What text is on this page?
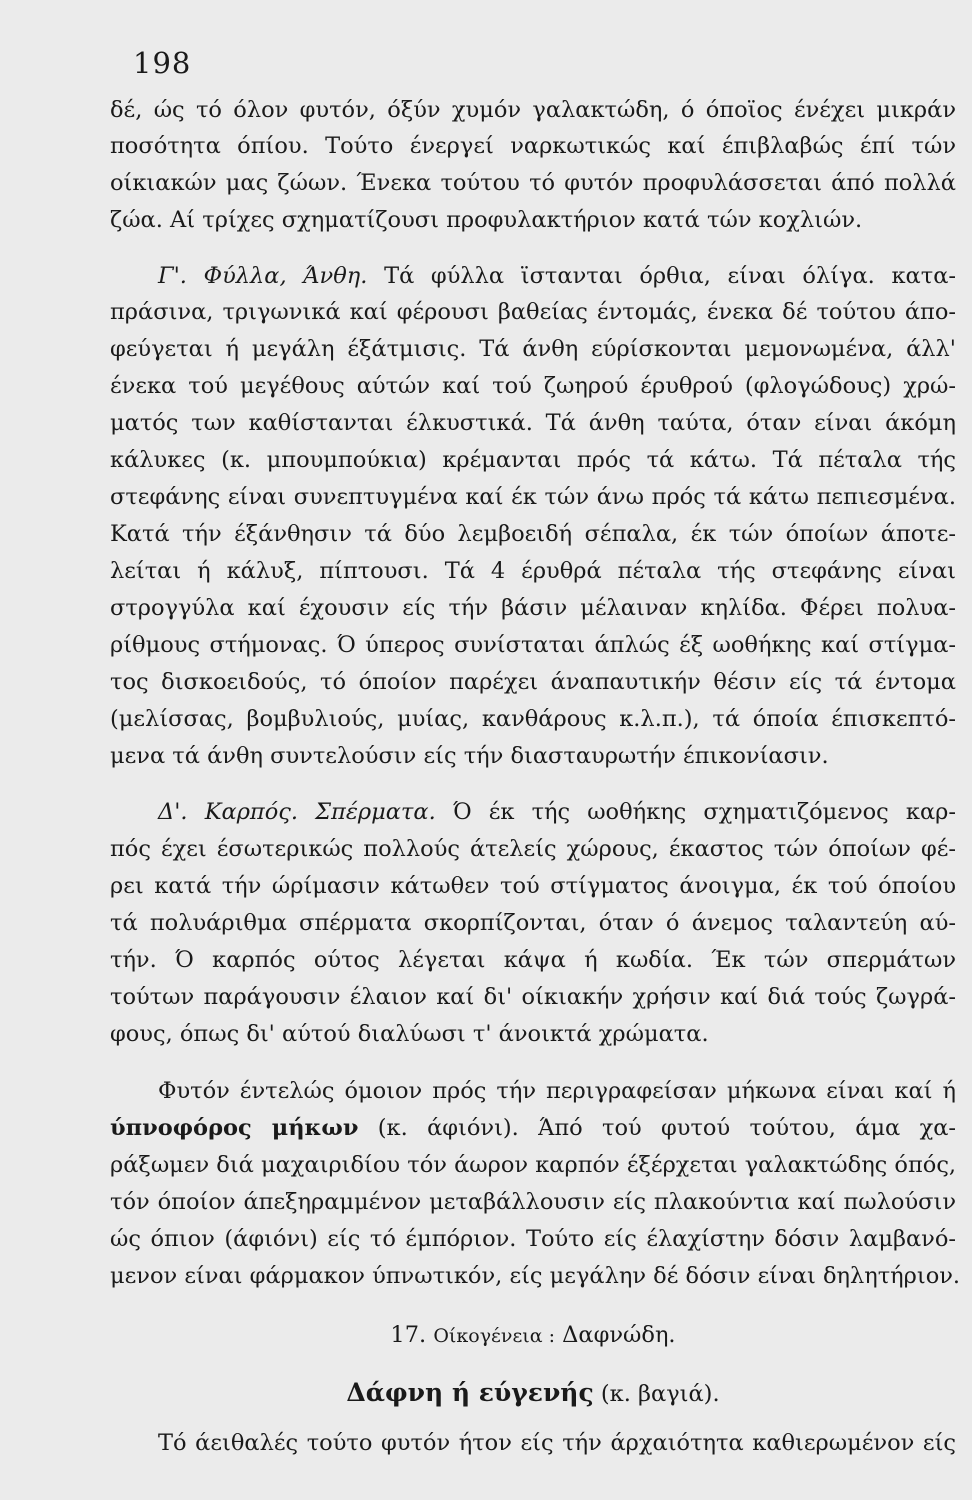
198
δέ, ώς τό όλον φυτόν, όξύν χυμόν γαλακτώδη, ό όποϊος ένέχει μικράν
ποσότητα όπίου. Τούτο ένεργεί ναρκωτικώς καί έπιβλαβώς έπί τών
οίκιακών μας ζώων. Ένεκα τούτου τό φυτόν προφυλάσσεται άπό πολλά
ζώα. Αί τρίχες σχηματίζουσι προφυλακτήριον κατά τών κοχλιών.
Γ'. Φύλλα, Άνθη. Τά φύλλα ϊστανται όρθια, είναι όλίγα. κατα-
πράσινα, τριγωνικά καί φέρουσι βαθείας έντομάς, ένεκα δέ τούτου άπο-
φεύγεται ή μεγάλη έξάτμισις. Τά άνθη εύρίσκονται μεμονωμένα, άλλ'
ένεκα τού μεγέθους αύτών καί τού ζωηρού έρυθρού (φλογώδους) χρώ-
ματός των καθίστανται έλκυστικά. Τά άνθη ταύτα, όταν είναι άκόμη
κάλυκες (κ. μπουμπούκια) κρέμανται πρός τά κάτω. Τά πέταλα τής
στεφάνης είναι συνεπτυγμένα καί έκ τών άνω πρός τά κάτω πεπιεσμένα.
Κατά τήν έξάνθησιν τά δύο λεμβοειδή σέπαλα, έκ τών όποίων άποτε-
λείται ή κάλυξ, πίπτουσι. Τά 4 έρυθρά πέταλα τής στεφάνης είναι
στρογγύλα καί έχουσιν είς τήν βάσιν μέλαιναν κηλίδα. Φέρει πολυα-
ρίθμους στήμονας. Ό ύπερος συνίσταται άπλώς έξ ωοθήκης καί στίγμα-
τος δισκοειδούς, τό όποίον παρέχει άναπαυτικήν θέσιν είς τά έντομα
(μελίσσας, βομβυλιούς, μυίας, κανθάρους κ.λ.π.), τά όποία έπισκεπτό-
μενα τά άνθη συντελούσιν είς τήν διασταυρωτήν έπικονίασιν.
Δ'. Καρπός. Σπέρματα. Ό έκ τής ωοθήκης σχηματιζόμενος καρ-
πός έχει έσωτερικώς πολλούς άτελείς χώρους, έκαστος τών όποίων φέ-
ρει κατά τήν ώρίμασιν κάτωθεν τού στίγματος άνοιγμα, έκ τού όποίου
τά πολυάριθμα σπέρματα σκορπίζονται, όταν ό άνεμος ταλαντεύη αύ-
τήν. Ό καρπός ούτος λέγεται κάψα ή κωδία. Έκ τών σπερμάτων
τούτων παράγουσιν έλαιον καί δι' οίκιακήν χρήσιν καί διά τούς ζωγρά-
φους, όπως δι' αύτού διαλύωσι τ' άνοικτά χρώματα.
Φυτόν έντελώς όμοιον πρός τήν περιγραφείσαν μήκωνα είναι καί ή
ύπνοφόρος μήκων (κ. άφιόνι). Άπό τού φυτού τούτου, άμα χα-
ράξωμεν διά μαχαιριδίου τόν άωρον καρπόν έξέρχεται γαλακτώδης όπός,
τόν όποίον άπεξηραμμένον μεταβάλλουσιν είς πλακούντια καί πωλούσιν
ώς όπιον (άφιόνι) είς τό έμπόριον. Τούτο είς έλαχίστην δόσιν λαμβανό-
μενον είναι φάρμακον ύπνωτικόν, είς μεγάλην δέ δόσιν είναι δηλητήριον.
17. Οίκογένεια : Δαφνώδη.
Δάφνη ή εύγενής (κ. βαγιά).
Τό άειθαλές τούτο φυτόν ήτον είς τήν άρχαιότητα καθιερωμένον είς
